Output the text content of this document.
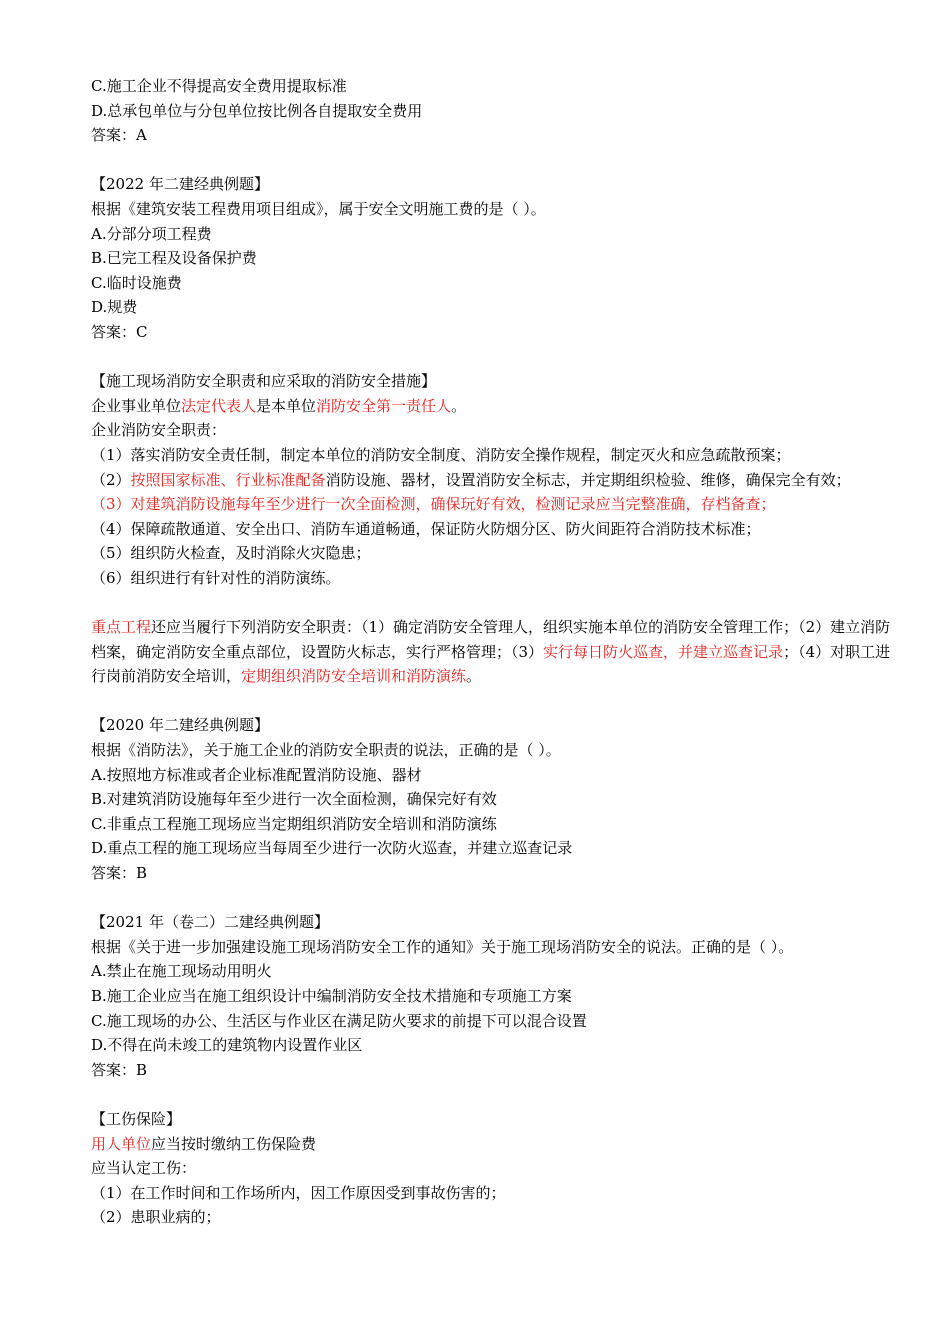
C.施工企业不得提高安全费用提取标准
D.总承包单位与分包单位按比例各自提取安全费用
答案：A
【2022 年二建经典例题】
根据《建筑安装工程费用项目组成》，属于安全文明施工费的是（ ）。
A.分部分项工程费
B.已完工程及设备保护费
C.临时设施费
D.规费
答案：C
【施工现场消防安全职责和应采取的消防安全措施】
企业事业单位法定代表人是本单位消防安全第一责任人。
企业消防安全职责：
（1）落实消防安全责任制，制定本单位的消防安全制度、消防安全操作规程，制定灭火和应急疏散预案；
（2）按照国家标准、行业标准配备消防设施、器材，设置消防安全标志，并定期组织检验、维修，确保完全有效；
（3）对建筑消防设施每年至少进行一次全面检测，确保玩好有效，检测记录应当完整准确，存档备查；
（4）保障疏散通道、安全出口、消防车通道畅通，保证防火防烟分区、防火间距符合消防技术标准；
（5）组织防火检查，及时消除火灾隐患；
（6）组织进行有针对性的消防演练。
重点工程还应当履行下列消防安全职责：（1）确定消防安全管理人，组织实施本单位的消防安全管理工作；（2）建立消防档案，确定消防安全重点部位，设置防火标志，实行严格管理；（3）实行每日防火巡查，并建立巡查记录；（4）对职工进行岗前消防安全培训，定期组织消防安全培训和消防演练。
【2020 年二建经典例题】
根据《消防法》，关于施工企业的消防安全职责的说法，正确的是（ ）。
A.按照地方标准或者企业标准配置消防设施、器材
B.对建筑消防设施每年至少进行一次全面检测，确保完好有效
C.非重点工程施工现场应当定期组织消防安全培训和消防演练
D.重点工程的施工现场应当每周至少进行一次防火巡查，并建立巡查记录
答案：B
【2021 年（卷二）二建经典例题】
根据《关于进一步加强建设施工现场消防安全工作的通知》关于施工现场消防安全的说法。正确的是（ ）。
A.禁止在施工现场动用明火
B.施工企业应当在施工组织设计中编制消防安全技术措施和专项施工方案
C.施工现场的办公、生活区与作业区在满足防火要求的前提下可以混合设置
D.不得在尚未竣工的建筑物内设置作业区
答案：B
【工伤保险】
用人单位应当按时缴纳工伤保险费
应当认定工伤：
（1）在工作时间和工作场所内，因工作原因受到事故伤害的；
（2）患职业病的；
